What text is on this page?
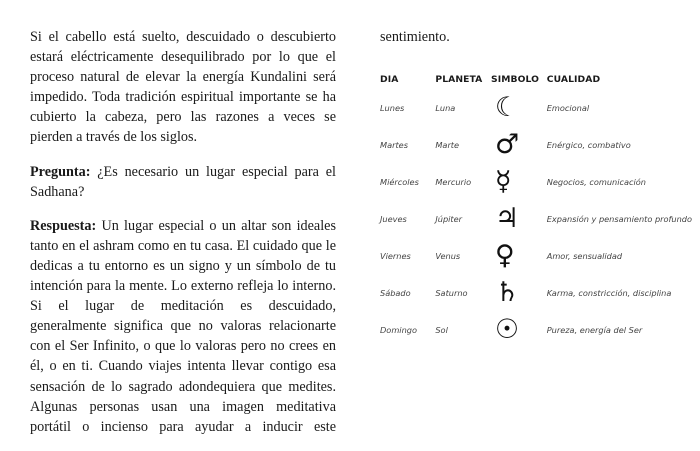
Si el cabello está suelto, descuidado o descubierto estará eléctricamente desequilibrado por lo que el proceso natural de elevar la energía Kundalini será impedido. Toda tradición espiritual importante se ha cubierto la cabeza, pero las razones a veces se pierden a través de los siglos.

Pregunta: ¿Es necesario un lugar especial para el Sadhana?

Respuesta: Un lugar especial o un altar son ideales tanto en el ashram como en tu casa. El cuidado que le dedicas a tu entorno es un signo y un símbolo de tu intención para la mente. Lo externo refleja lo interno. Si el lugar de meditación es descuidado, generalmente significa que no valoras relacionarte con el Ser Infinito, o que lo valoras pero no crees en él, o en ti. Cuando viajes intenta llevar contigo esa sensación de lo sagrado adondequiera que medites. Algunas personas usan una imagen meditativa portátil o incienso para ayudar a inducir este

sentimiento.

DIA	PLANETA	SIMBOLO	CUALIDAD
Lunes	Luna	☾	Emocional
Martes	Marte	♂	Enérgico, combativo
Miércoles	Mercurio	☿	Negocios, comunicación
Jueves	Júpiter	♃	Expansión y pensamiento profundo
Viernes	Venus	♀	Amor, sensualidad
Sábado	Saturno	♄	Karma, constricción, disciplina
Domingo	Sol	☉	Pureza, energía del Ser
